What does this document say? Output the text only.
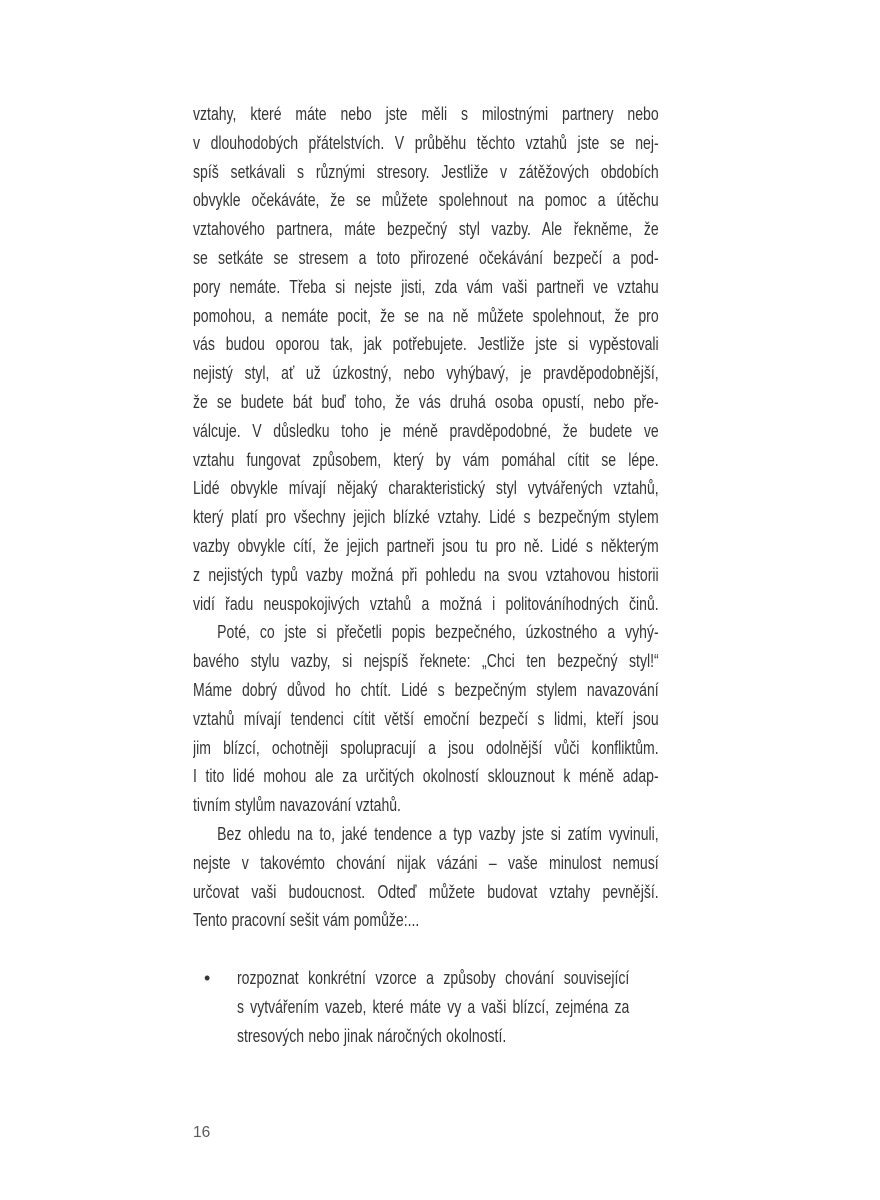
vztahy, které máte nebo jste měli s milostnými partnery nebo
v dlouhodobých přátelstvích. V průběhu těchto vztahů jste se nej-
spíš setkávali s různými stresory. Jestliže v zátěžových obdobích
obvykle očekáváte, že se můžete spolehnout na pomoc a útěchu
vztahového partnera, máte bezpečný styl vazby. Ale řekněme, že
se setkáte se stresem a toto přirozené očekávání bezpečí a pod-
pory nemáte. Třeba si nejste jisti, zda vám vaši partneři ve vztahu
pomohou, a nemáte pocit, že se na ně můžete spolehnout, že pro
vás budou oporou tak, jak potřebujete. Jestliže jste si vypěstovali
nejistý styl, ať už úzkostný, nebo vyhýbavý, je pravděpodobnější,
že se budete bát buď toho, že vás druhá osoba opustí, nebo pře-
válcuje. V důsledku toho je méně pravděpodobné, že budete ve
vztahu fungovat způsobem, který by vám pomáhal cítit se lépe.
Lidé obvykle mívají nějaký charakteristický styl vytvářených vztahů,
který platí pro všechny jejich blízké vztahy. Lidé s bezpečným stylem
vazby obvykle cítí, že jejich partneři jsou tu pro ně. Lidé s některým
z nejistých typů vazby možná při pohledu na svou vztahovou historii
vidí řadu neuspokojivých vztahů a možná i politováníhodných činů.
Poté, co jste si přečetli popis bezpečného, úzkostného a vyhý-
bavého stylu vazby, si nejspíš řeknete: „Chci ten bezpečný styl!“
Máme dobrý důvod ho chtít. Lidé s bezpečným stylem navazování
vztahů mívají tendenci cítit větší emoční bezpečí s lidmi, kteří jsou
jim blízcí, ochotněji spolupracují a jsou odolnější vůči konfliktům.
I tito lidé mohou ale za určitých okolností sklouznout k méně adap-
tivním stylům navazování vztahů.
Bez ohledu na to, jaké tendence a typ vazby jste si zatím vyvinuli,
nejste v takovémto chování nijak vázáni – vaše minulost nemusí
určovat vaši budoucnost. Odteď můžete budovat vztahy pevnější.
Tento pracovní sešit vám pomůže:...
• rozpoznat konkrétní vzorce a způsoby chování související
s vytvářením vazeb, které máte vy a vaši blízcí, zejména za
stresových nebo jinak náročných okolností.
16
